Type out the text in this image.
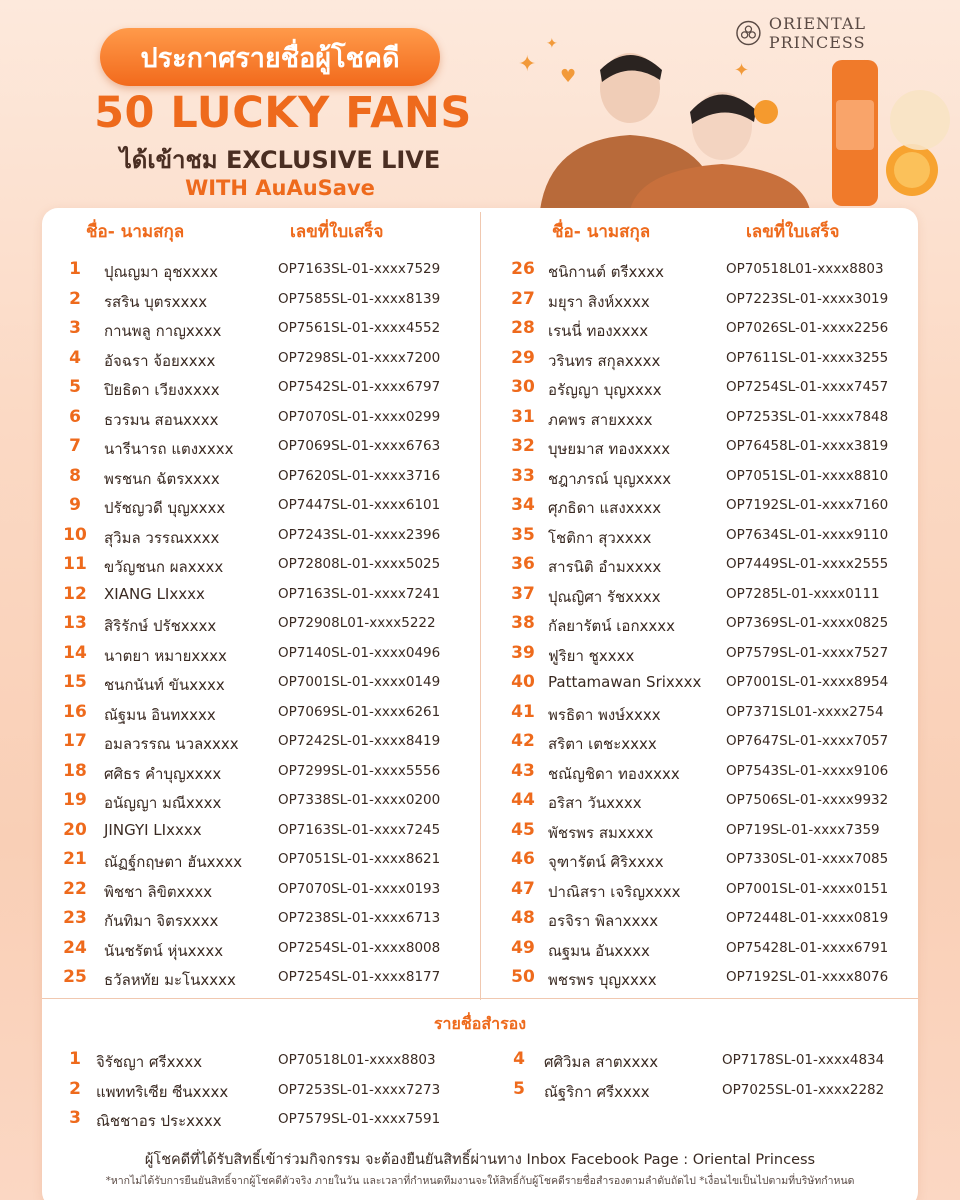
ประกาศรายชื่อผู้โชคดี
50 LUCKY FANS
ได้เข้าชม EXCLUSIVE LIVE
WITH AuAuSave
ORIENTAL PRINCESS
✦ ♥
✦
✦
ชื่อ- นามสกุล	เลขที่ใบเสร็จ	ชื่อ- นามสกุล	เลขที่ใบเสร็จ
1	ปุณญมา อุชxxxx	OP7163SL-01-xxxx7529
2	รสริน บุตรxxxx	OP7585SL-01-xxxx8139
3	กานพลู กาญxxxx	OP7561SL-01-xxxx4552
4	อัจฉรา จ้อยxxxx	OP7298SL-01-xxxx7200
5	ปิยธิดา เวียงxxxx	OP7542SL-01-xxxx6797
6	ธวรมน สอนxxxx	OP7070SL-01-xxxx0299
7	นารีนารถ แตงxxxx	OP7069SL-01-xxxx6763
8	พรชนก ฉัตรxxxx	OP7620SL-01-xxxx3716
9	ปรัชญวดี บุญxxxx	OP7447SL-01-xxxx6101
10	สุวิมล วรรณxxxx	OP7243SL-01-xxxx2396
11	ขวัญชนก ผลxxxx	OP72808L-01-xxxx5025
12	XIANG LIxxxx	OP7163SL-01-xxxx7241
13	สิริรักษ์ ปรัชxxxx	OP72908L01-xxxx5222
14	นาตยา หมายxxxx	OP7140SL-01-xxxx0496
15	ชนกนันท์ ขันxxxx	OP7001SL-01-xxxx0149
16	ณัฐมน อินทxxxx	OP7069SL-01-xxxx6261
17	อมลวรรณ นวลxxxx	OP7242SL-01-xxxx8419
18	ศศิธร คำบุญxxxx	OP7299SL-01-xxxx5556
19	อนัญญา มณีxxxx	OP7338SL-01-xxxx0200
20	JINGYI LIxxxx	OP7163SL-01-xxxx7245
21	ณัฏฐ์กฤษตา ฮันxxxx	OP7051SL-01-xxxx8621
22	พิชชา ลิขิตxxxx	OP7070SL-01-xxxx0193
23	กันทิมา จิตรxxxx	OP7238SL-01-xxxx6713
24	นันชรัตน์ หุ่นxxxx	OP7254SL-01-xxxx8008
25	ธวัลหทัย มะโนxxxx	OP7254SL-01-xxxx8177
26 ชนิกานต์ ตรีxxxx	OP70518L01-xxxx8803
27 มยุรา สิงห์xxxx	OP7223SL-01-xxxx3019
28 เรนนี่ ทองxxxx	OP7026SL-01-xxxx2256
29 วรินทร สกุลxxxx	OP7611SL-01-xxxx3255
30 อรัญญา บุญxxxx	OP7254SL-01-xxxx7457
31 ภคพร สายxxxx	OP7253SL-01-xxxx7848
32 บุษยมาส ทองxxxx	OP76458L-01-xxxx3819
33 ชฎาภรณ์ บุญxxxx	OP7051SL-01-xxxx8810
34 ศุภธิดา แสงxxxx	OP7192SL-01-xxxx7160
35 โชติกา สุวxxxx	OP7634SL-01-xxxx9110
36 สารนิติ อำมxxxx	OP7449SL-01-xxxx2555
37 ปุณญิศา รัชxxxx	OP7285L-01-xxxx0111
38 กัลยารัตน์ เอกxxxx	OP7369SL-01-xxxx0825
39 ฟูริยา ชูxxxx	OP7579SL-01-xxxx7527
40 Pattamawan Srixxxx OP7001SL-01-xxxx8954
41 พรธิดา พงษ์xxxx	OP7371SL01-xxxx2754
42 สริตา เตชะxxxx	OP7647SL-01-xxxx7057
43 ชณัญชิดา ทองxxxx	OP7543SL-01-xxxx9106
44 อริสา วันxxxx	OP7506SL-01-xxxx9932
45 พัชรพร สมxxxx	OP719SL-01-xxxx7359
46 จุฑารัตน์ ศิริxxxx	OP7330SL-01-xxxx7085
47 ปาณิสรา เจริญxxxx	OP7001SL-01-xxxx0151
48 อรจิรา พิลาxxxx	OP72448L-01-xxxx0819
49 ณฐมน อันxxxx	OP75428L-01-xxxx6791
50 พชรพร บุญxxxx	OP7192SL-01-xxxx8076
รายชื่อสำรอง
1	จิรัชญา ศรีxxxx	OP70518L01-xxxx8803
2	แพททริเซีย ซีนxxxx	OP7253SL-01-xxxx7273
3	ณิชชาอร ประxxxx	OP7579SL-01-xxxx7591
4	ศศิวิมล สาตxxxx	OP7178SL-01-xxxx4834
5	ณัฐริกา ศรีxxxx	OP7025SL-01-xxxx2282
ผู้โชคดีที่ได้รับสิทธิ์เข้าร่วมกิจกรรม จะต้องยืนยันสิทธิ์ผ่านทาง Inbox Facebook Page : Oriental Princess
*หากไม่ได้รับการยืนยันสิทธิ์จากผู้โชคดีตัวจริง ภายในวัน และเวลาที่กำหนดทีมงานจะให้สิทธิ์กับผู้โชคดีรายชื่อสำรองตามลำดับถัดไป *เงื่อนไขเป็นไปตามที่บริษัทกำหนด
